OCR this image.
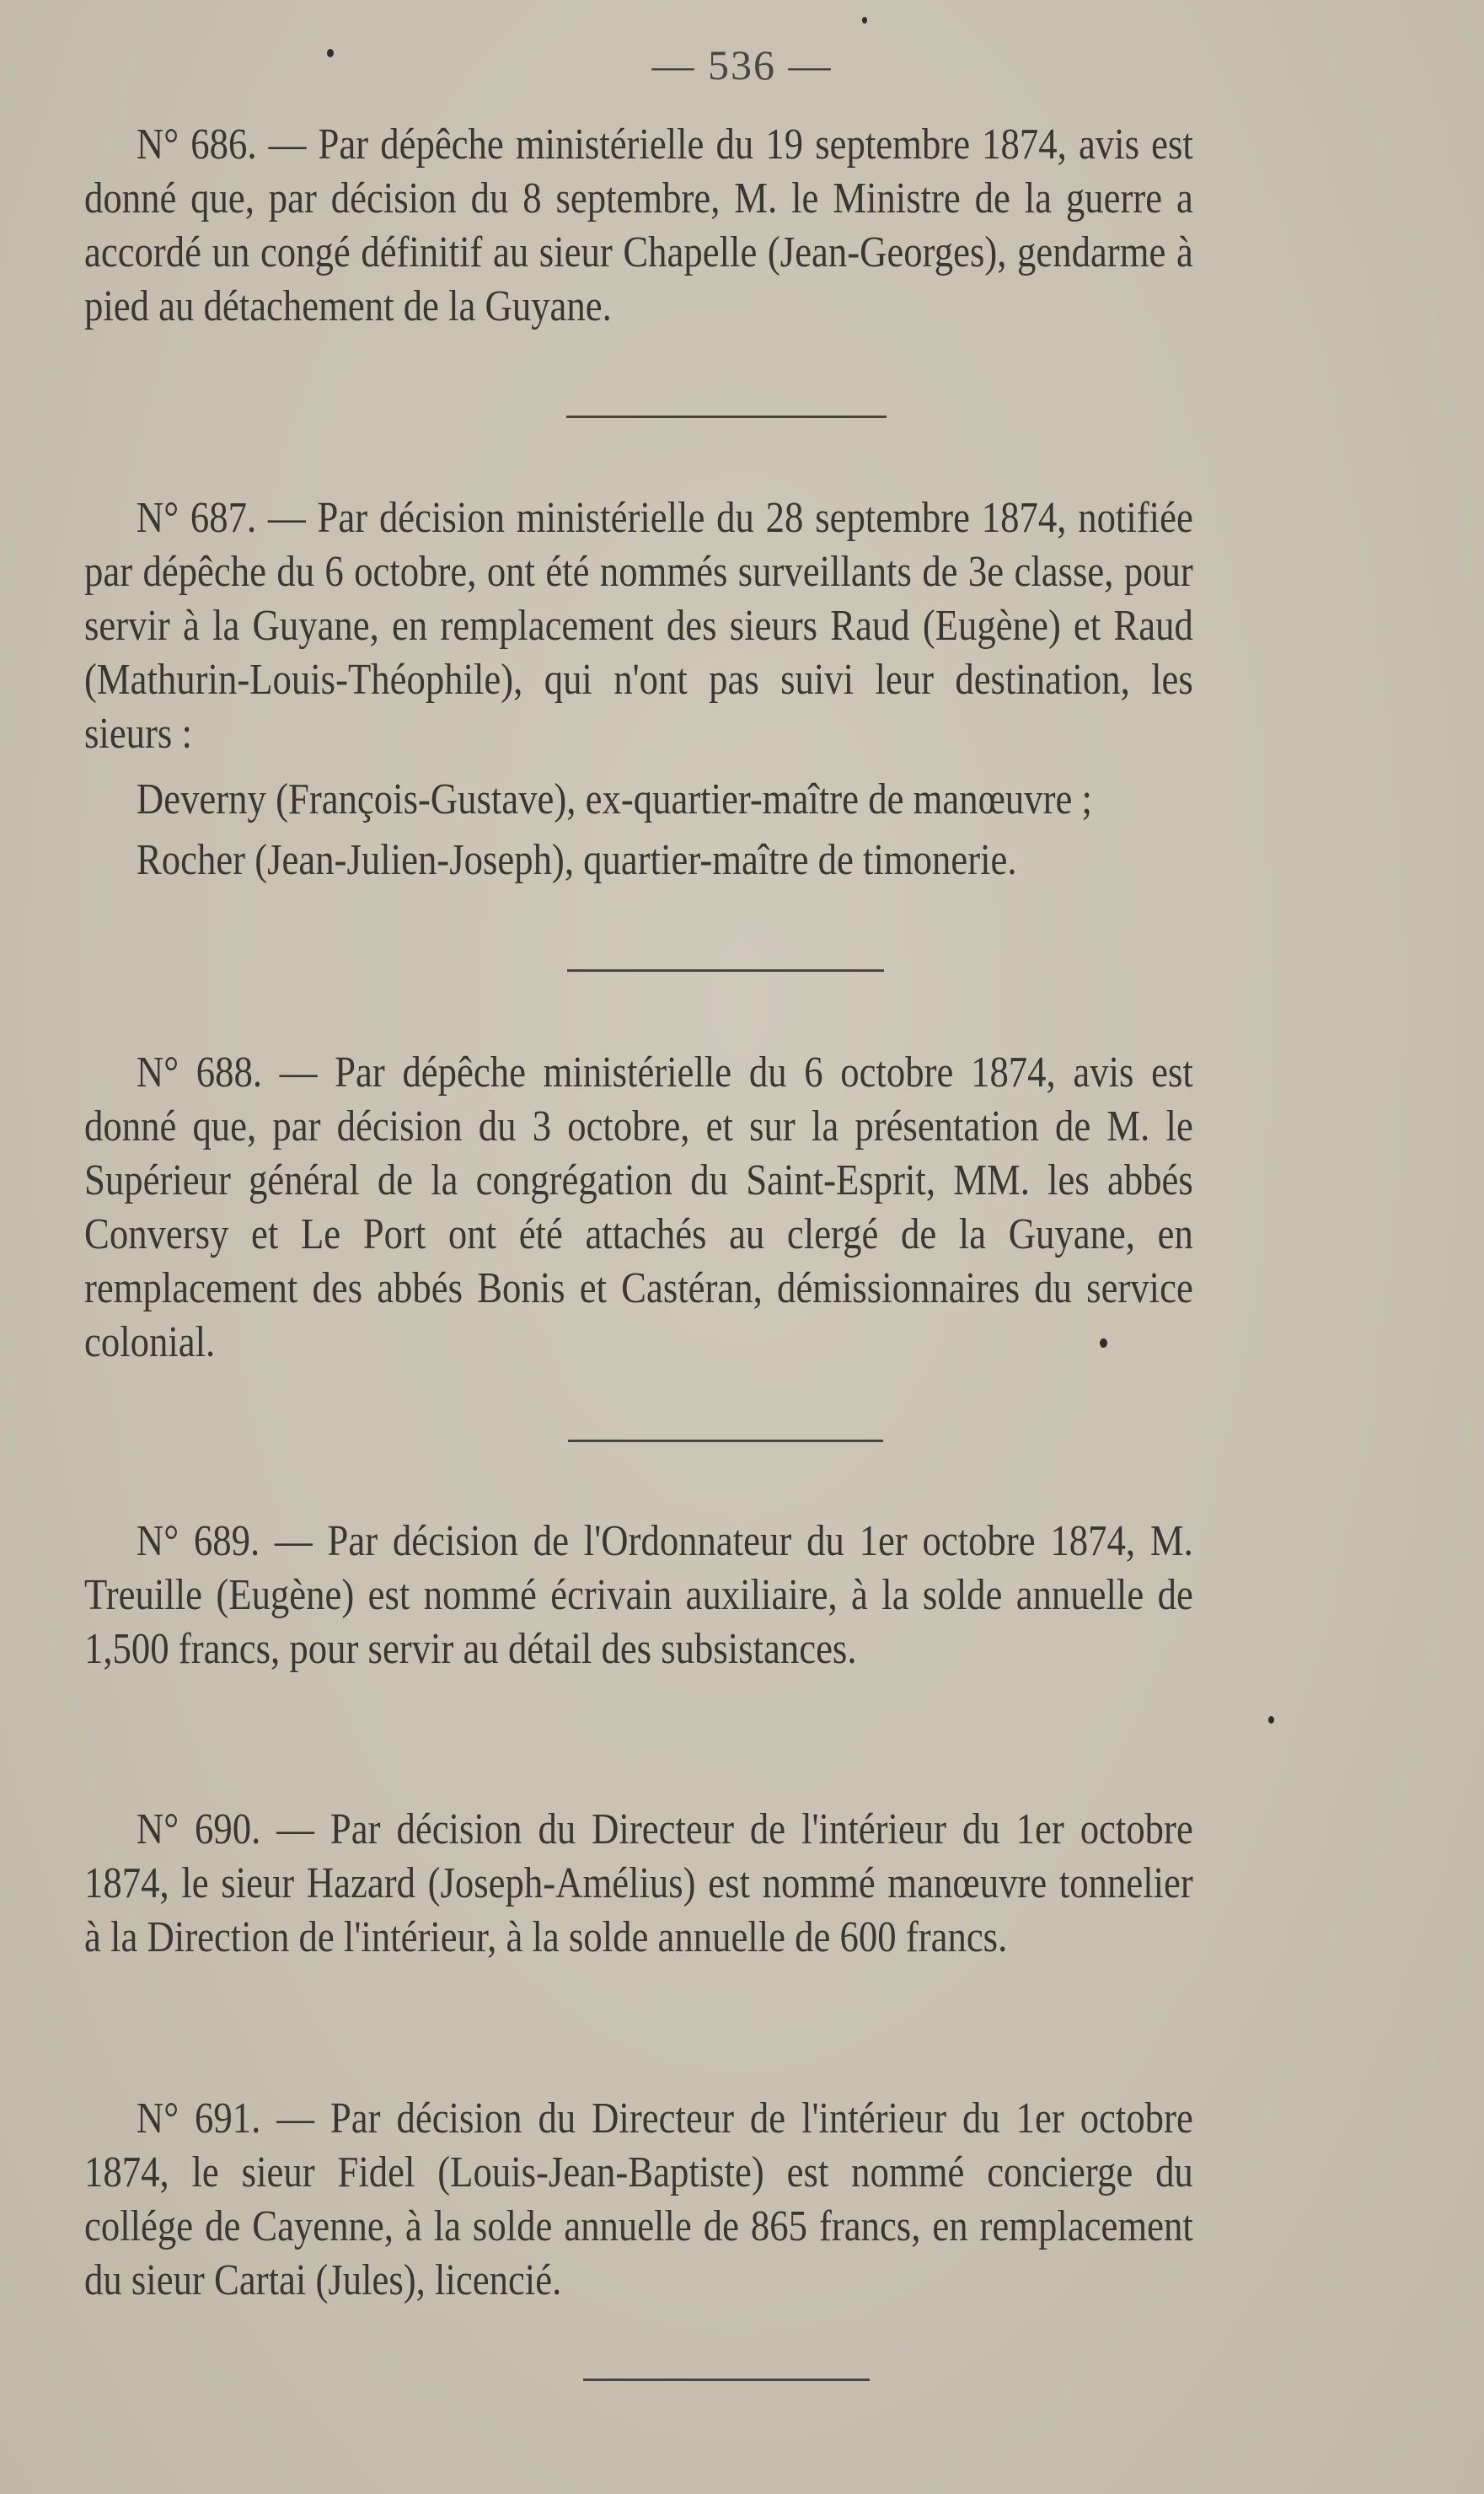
— 536 —

N° 686. — Par dépêche ministérielle du 19 septembre 1874, avis est donné que, par décision du 8 septembre, M. le Ministre de la guerre a accordé un congé définitif au sieur Chapelle (Jean-Georges), gendarme à pied au détachement de la Guyane.

N° 687. — Par décision ministérielle du 28 septembre 1874, notifiée par dépêche du 6 octobre, ont été nommés surveillants de 3e classe, pour servir à la Guyane, en remplacement des sieurs Raud (Eugène) et Raud (Mathurin-Louis-Théophile), qui n'ont pas suivi leur destination, les sieurs :

Deverny (François-Gustave), ex-quartier-maître de manœuvre ;

Rocher (Jean-Julien-Joseph), quartier-maître de timonerie.

N° 688. — Par dépêche ministérielle du 6 octobre 1874, avis est donné que, par décision du 3 octobre, et sur la présentation de M. le Supérieur général de la congrégation du Saint-Esprit, MM. les abbés Conversy et Le Port ont été attachés au clergé de la Guyane, en remplacement des abbés Bonis et Castéran, démissionnaires du service colonial.

N° 689. — Par décision de l'Ordonnateur du 1er octobre 1874, M. Treuille (Eugène) est nommé écrivain auxiliaire, à la solde annuelle de 1,500 francs, pour servir au détail des subsistances.

N° 690. — Par décision du Directeur de l'intérieur du 1er octobre 1874, le sieur Hazard (Joseph-Amélius) est nommé manœuvre tonnelier à la Direction de l'intérieur, à la solde annuelle de 600 francs.

N° 691. — Par décision du Directeur de l'intérieur du 1er octobre 1874, le sieur Fidel (Louis-Jean-Baptiste) est nommé concierge du collége de Cayenne, à la solde annuelle de 865 francs, en remplacement du sieur Cartai (Jules), licencié.
